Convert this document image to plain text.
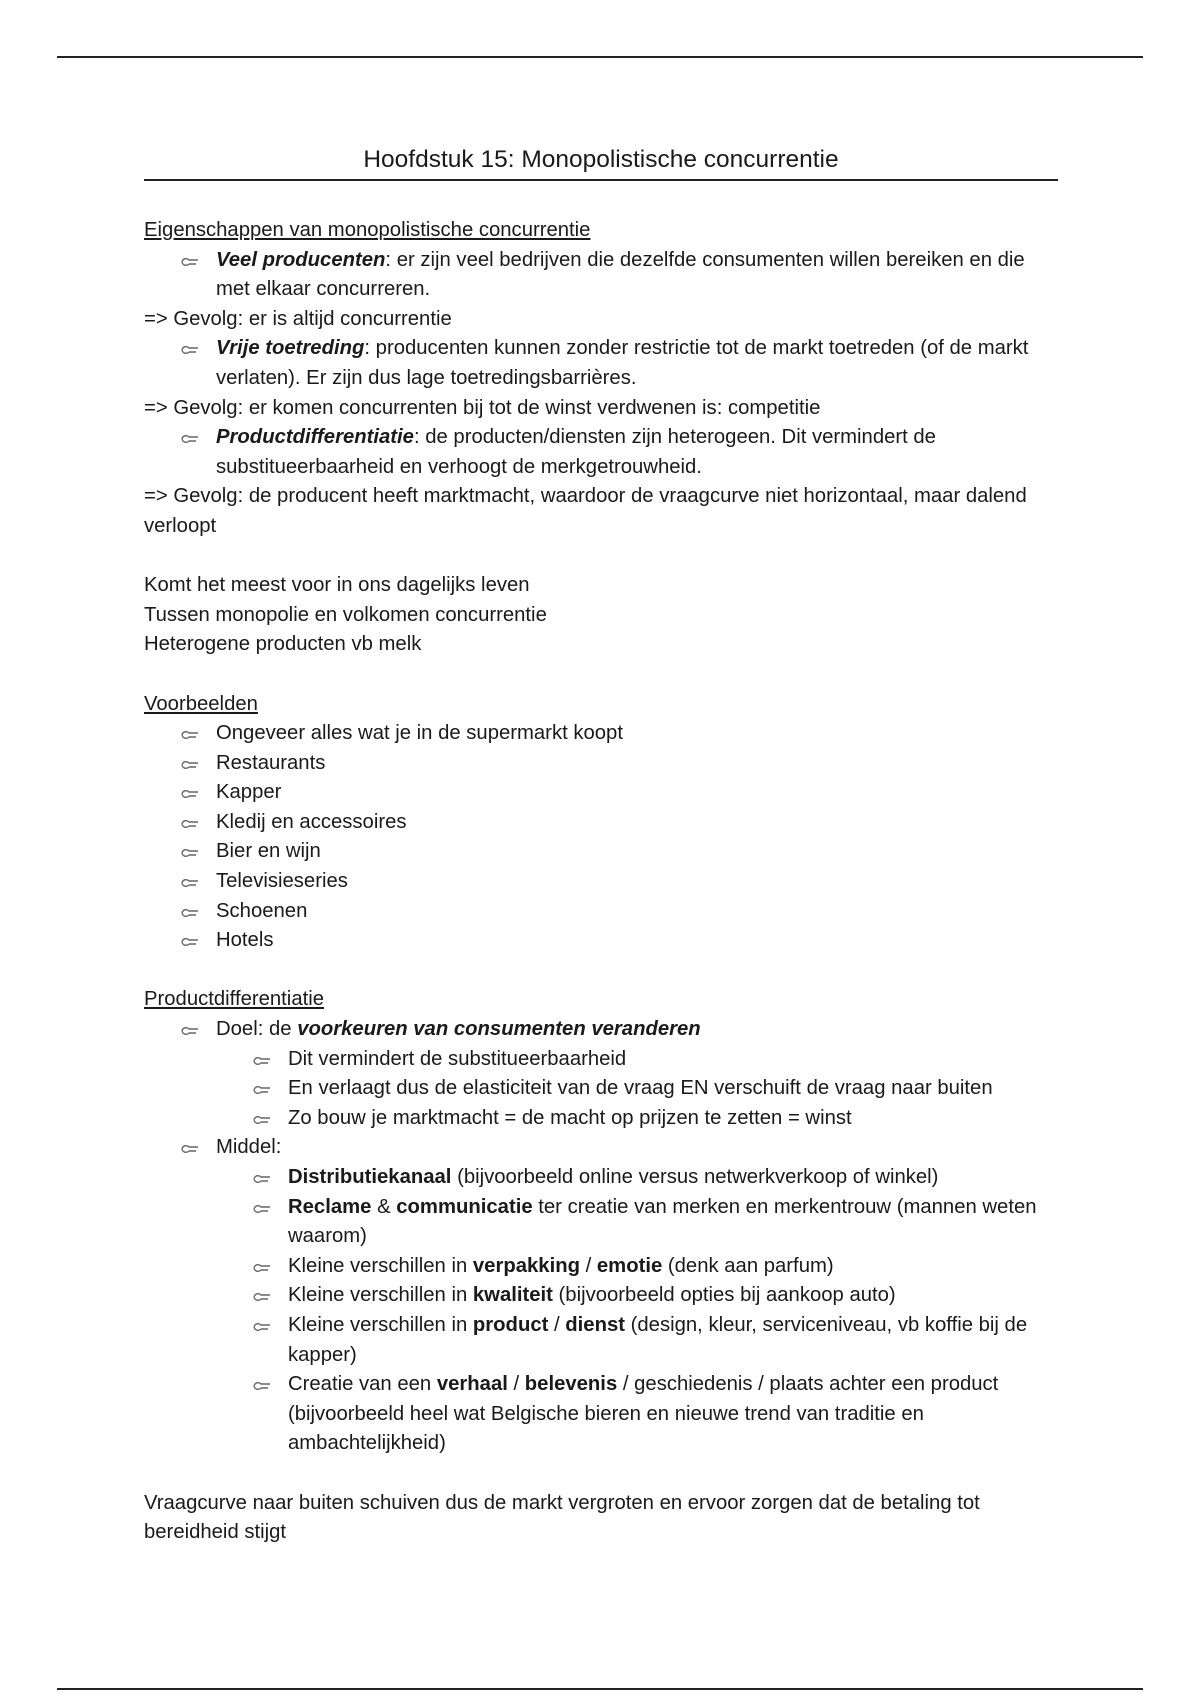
Hoofdstuk 15: Monopolistische concurrentie

Eigenschappen van monopolistische concurrentie

Veel producenten: er zijn veel bedrijven die dezelfde consumenten willen bereiken en die met elkaar concurreren.

=> Gevolg: er is altijd concurrentie

Vrije toetreding: producenten kunnen zonder restrictie tot de markt toetreden (of de markt verlaten). Er zijn dus lage toetredingsbarrières.

=> Gevolg: er komen concurrenten bij tot de winst verdwenen is: competitie

Productdifferentiatie: de producten/diensten zijn heterogeen. Dit vermindert de substitueerbaarheid en verhoogt de merkgetrouwheid.

=> Gevolg: de producent heeft marktmacht, waardoor de vraagcurve niet horizontaal, maar dalend verloopt

Komt het meest voor in ons dagelijks leven

Tussen monopolie en volkomen concurrentie

Heterogene producten vb melk

Voorbeelden

Ongeveer alles wat je in de supermarkt koopt
Restaurants
Kapper
Kledij en accessoires
Bier en wijn
Televisieseries
Schoenen
Hotels

Productdifferentiatie

Doel: de voorkeuren van consumenten veranderen
Dit vermindert de substitueerbaarheid
En verlaagt dus de elasticiteit van de vraag EN verschuift de vraag naar buiten
Zo bouw je marktmacht = de macht op prijzen te zetten = winst
Middel:
Distributiekanaal (bijvoorbeeld online versus netwerkverkoop of winkel)
Reclame & communicatie ter creatie van merken en merkentrouw (mannen weten waarom)
Kleine verschillen in verpakking / emotie (denk aan parfum)
Kleine verschillen in kwaliteit (bijvoorbeeld opties bij aankoop auto)
Kleine verschillen in product / dienst (design, kleur, serviceniveau, vb koffie bij de kapper)
Creatie van een verhaal / belevenis / geschiedenis / plaats achter een product (bijvoorbeeld heel wat Belgische bieren en nieuwe trend van traditie en ambachtelijkheid)

Vraagcurve naar buiten schuiven dus de markt vergroten en ervoor zorgen dat de betaling tot bereidheid stijgt
